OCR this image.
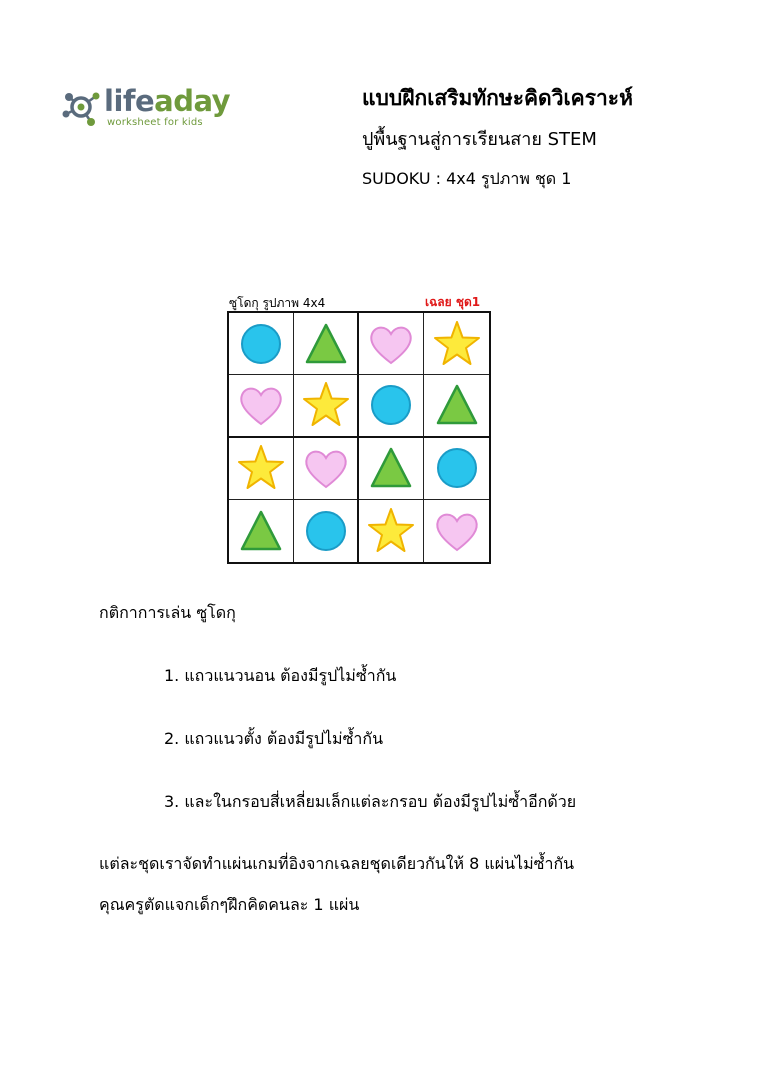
lifeaday
worksheet for kids
แบบฝึกเสริมทักษะคิดวิเคราะห์
ปูพื้นฐานสู่การเรียนสาย STEM
SUDOKU : 4x4 รูปภาพ ชุด 1
ซูโดกุ รูปภาพ 4x4	เฉลย ชุด1
กติกาการเล่น ซูโดกุ
1. แถวแนวนอน ต้องมีรูปไม่ซ้ำกัน
2. แถวแนวตั้ง ต้องมีรูปไม่ซ้ำกัน
3. และในกรอบสี่เหลี่ยมเล็กแต่ละกรอบ ต้องมีรูปไม่ซ้ำอีกด้วย
แต่ละชุดเราจัดทำแผ่นเกมที่อิงจากเฉลยชุดเดียวกันให้ 8 แผ่นไม่ซ้ำกัน
คุณครูตัดแจกเด็กๆฝึกคิดคนละ 1 แผ่น
